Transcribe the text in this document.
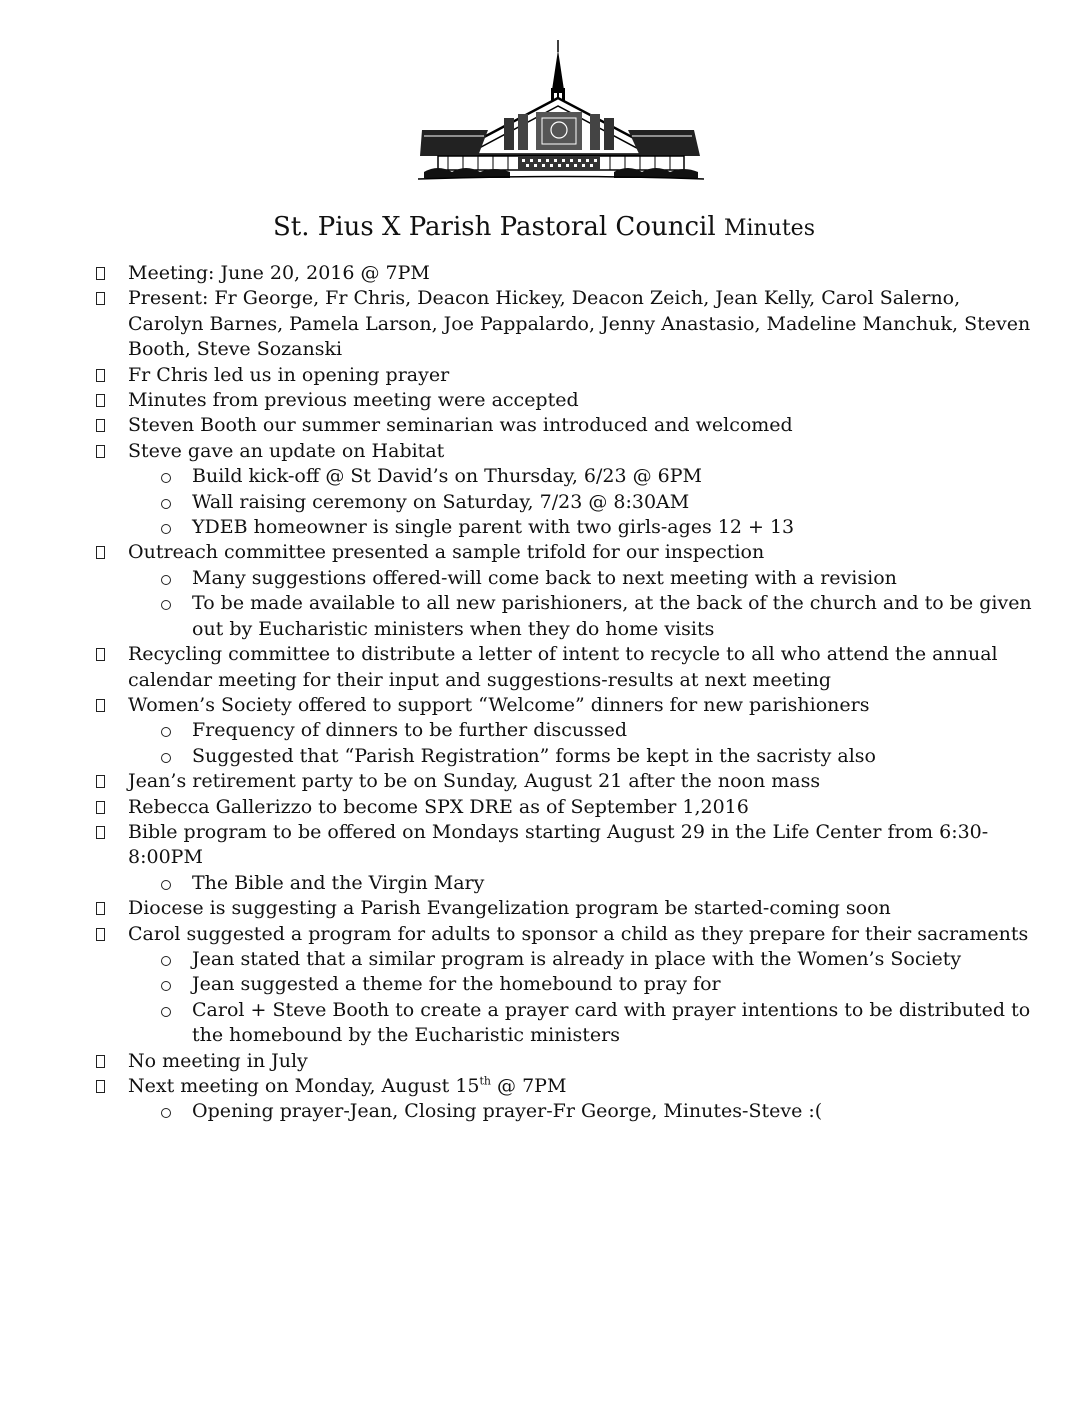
St. Pius X Parish Pastoral Council Minutes
Meeting: June 20, 2016 @ 7PM
Present: Fr George, Fr Chris, Deacon Hickey, Deacon Zeich, Jean Kelly, Carol Salerno, Carolyn Barnes, Pamela Larson, Joe Pappalardo, Jenny Anastasio, Madeline Manchuk, Steven Booth, Steve Sozanski
Fr Chris led us in opening prayer
Minutes from previous meeting were accepted
Steven Booth our summer seminarian was introduced and welcomed
Steve gave an update on Habitat
Build kick-off @ St David’s on Thursday, 6/23 @ 6PM
Wall raising ceremony on Saturday, 7/23 @ 8:30AM
YDEB homeowner is single parent with two girls-ages 12 + 13
Outreach committee presented a sample trifold for our inspection
Many suggestions offered-will come back to next meeting with a revision
To be made available to all new parishioners, at the back of the church and to be given out by Eucharistic ministers when they do home visits
Recycling committee to distribute a letter of intent to recycle to all who attend the annual calendar meeting for their input and suggestions-results at next meeting
Women’s Society offered to support “Welcome” dinners for new parishioners
Frequency of dinners to be further discussed
Suggested that “Parish Registration” forms be kept in the sacristy also
Jean’s retirement party to be on Sunday, August 21 after the noon mass
Rebecca Gallerizzo to become SPX DRE as of September 1,2016
Bible program to be offered on Mondays starting August 29 in the Life Center from 6:30-8:00PM
The Bible and the Virgin Mary
Diocese is suggesting a Parish Evangelization program be started-coming soon
Carol suggested a program for adults to sponsor a child as they prepare for their sacraments
Jean stated that a similar program is already in place with the Women’s Society
Jean suggested a theme for the homebound to pray for
Carol + Steve Booth to create a prayer card with prayer intentions to be distributed to the homebound by the Eucharistic ministers
No meeting in July
Next meeting on Monday, August 15th @ 7PM
Opening prayer-Jean, Closing prayer-Fr George, Minutes-Steve :(
